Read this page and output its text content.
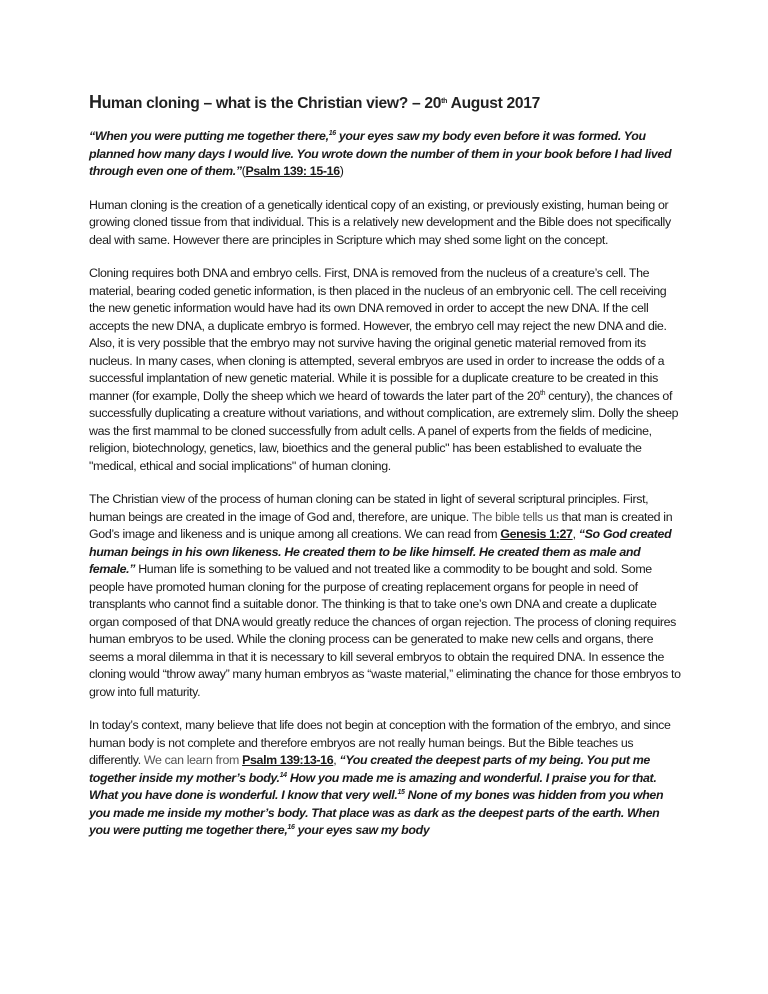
Human cloning – what is the Christian view? – 20th August 2017

“When you were putting me together there,$^{16}$ your eyes saw my body even before it was formed. You planned how many days I would live. You wrote down the number of them in your book before I had lived through even one of them.”(Psalm 139: 15-16)

Human cloning is the creation of a genetically identical copy of an existing, or previously existing, human being or growing cloned tissue from that individual. This is a relatively new development and the Bible does not specifically deal with same. However there are principles in Scripture which may shed some light on the concept.

Cloning requires both DNA and embryo cells. First, DNA is removed from the nucleus of a creature’s cell. The material, bearing coded genetic information, is then placed in the nucleus of an embryonic cell. The cell receiving the new genetic information would have had its own DNA removed in order to accept the new DNA. If the cell accepts the new DNA, a duplicate embryo is formed. However, the embryo cell may reject the new DNA and die. Also, it is very possible that the embryo may not survive having the original genetic material removed from its nucleus. In many cases, when cloning is attempted, several embryos are used in order to increase the odds of a successful implantation of new genetic material. While it is possible for a duplicate creature to be created in this manner (for example, Dolly the sheep which we heard of towards the later part of the 20th century), the chances of successfully duplicating a creature without variations, and without complication, are extremely slim. Dolly the sheep was the first mammal to be cloned successfully from adult cells. A panel of experts from the fields of medicine, religion, biotechnology, genetics, law, bioethics and the general public" has been established to evaluate the "medical, ethical and social implications" of human cloning.

The Christian view of the process of human cloning can be stated in light of several scriptural principles. First, human beings are created in the image of God and, therefore, are unique. The bible tells us that man is created in God’s image and likeness and is unique among all creations. We can read from Genesis 1:27, “So God created human beings in his own likeness. He created them to be like himself. He created them as male and female.” Human life is something to be valued and not treated like a commodity to be bought and sold. Some people have promoted human cloning for the purpose of creating replacement organs for people in need of transplants who cannot find a suitable donor. The thinking is that to take one’s own DNA and create a duplicate organ composed of that DNA would greatly reduce the chances of organ rejection. The process of cloning requires human embryos to be used. While the cloning process can be generated to make new cells and organs, there seems a moral dilemma in that it is necessary to kill several embryos to obtain the required DNA. In essence the cloning would “throw away” many human embryos as “waste material,” eliminating the chance for those embryos to grow into full maturity.

In today’s context, many believe that life does not begin at conception with the formation of the embryo, and since human body is not complete and therefore embryos are not really human beings. But the Bible teaches us differently. We can learn from Psalm 139:13-16, “You created the deepest parts of my being. You put me together inside my mother’s body.$^{14}$ How you made me is amazing and wonderful. I praise you for that. What you have done is wonderful. I know that very well.$^{15}$ None of my bones was hidden from you when you made me inside my mother’s body. That place was as dark as the deepest parts of the earth. When you were putting me together there,$^{16}$ your eyes saw my body
